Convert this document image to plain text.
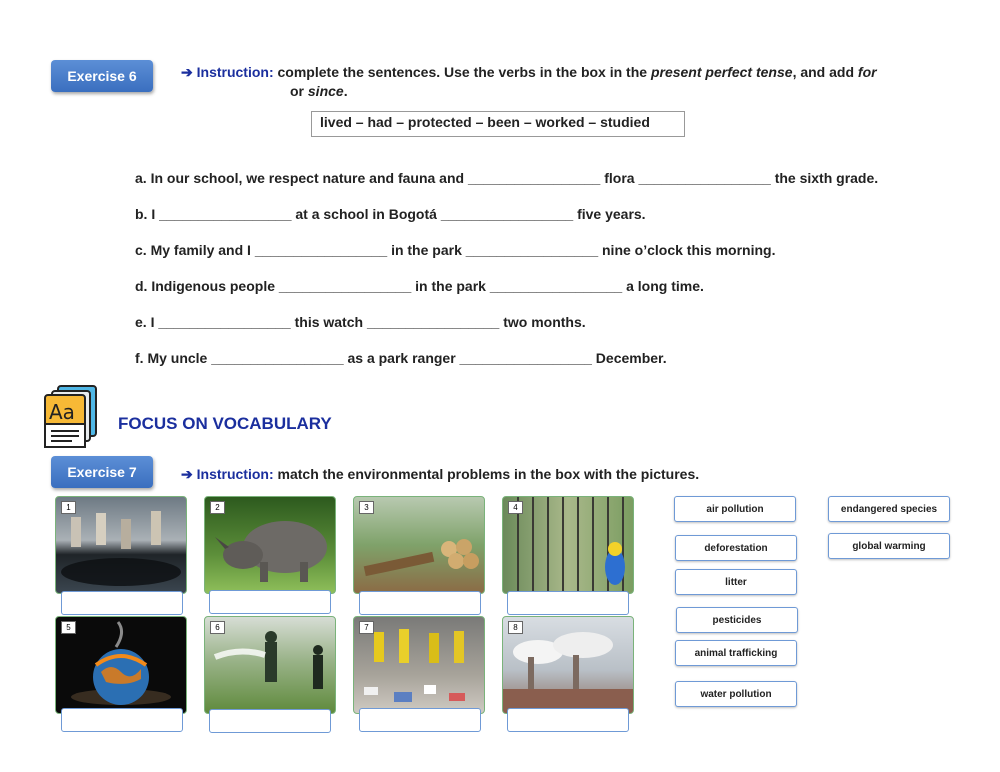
Exercise 6	➔ Instruction: complete the sentences. Use the verbs in the box in the present perfect tense, and add for
or since.
lived – had – protected – been – worked – studied
a. In our school, we respect nature and fauna and _________________ flora _________________ the sixth grade.
b. I _________________ at a school in Bogotá _________________ five years.
c. My family and I _________________ in the park _________________ nine o’clock this morning.
d. Indigenous people _________________ in the park _________________ a long time.
e. I _________________ this watch _________________ two months.
f. My uncle _________________ as a park ranger _________________ December.
Aa	FOCUS ON VOCABULARY
Exercise 7	➔ Instruction: match the environmental problems in the box with the pictures.
1	2	3	4
5	6	7	8
air pollution
deforestation
litter
pesticides
animal trafficking
water pollution
endangered species
global warming
